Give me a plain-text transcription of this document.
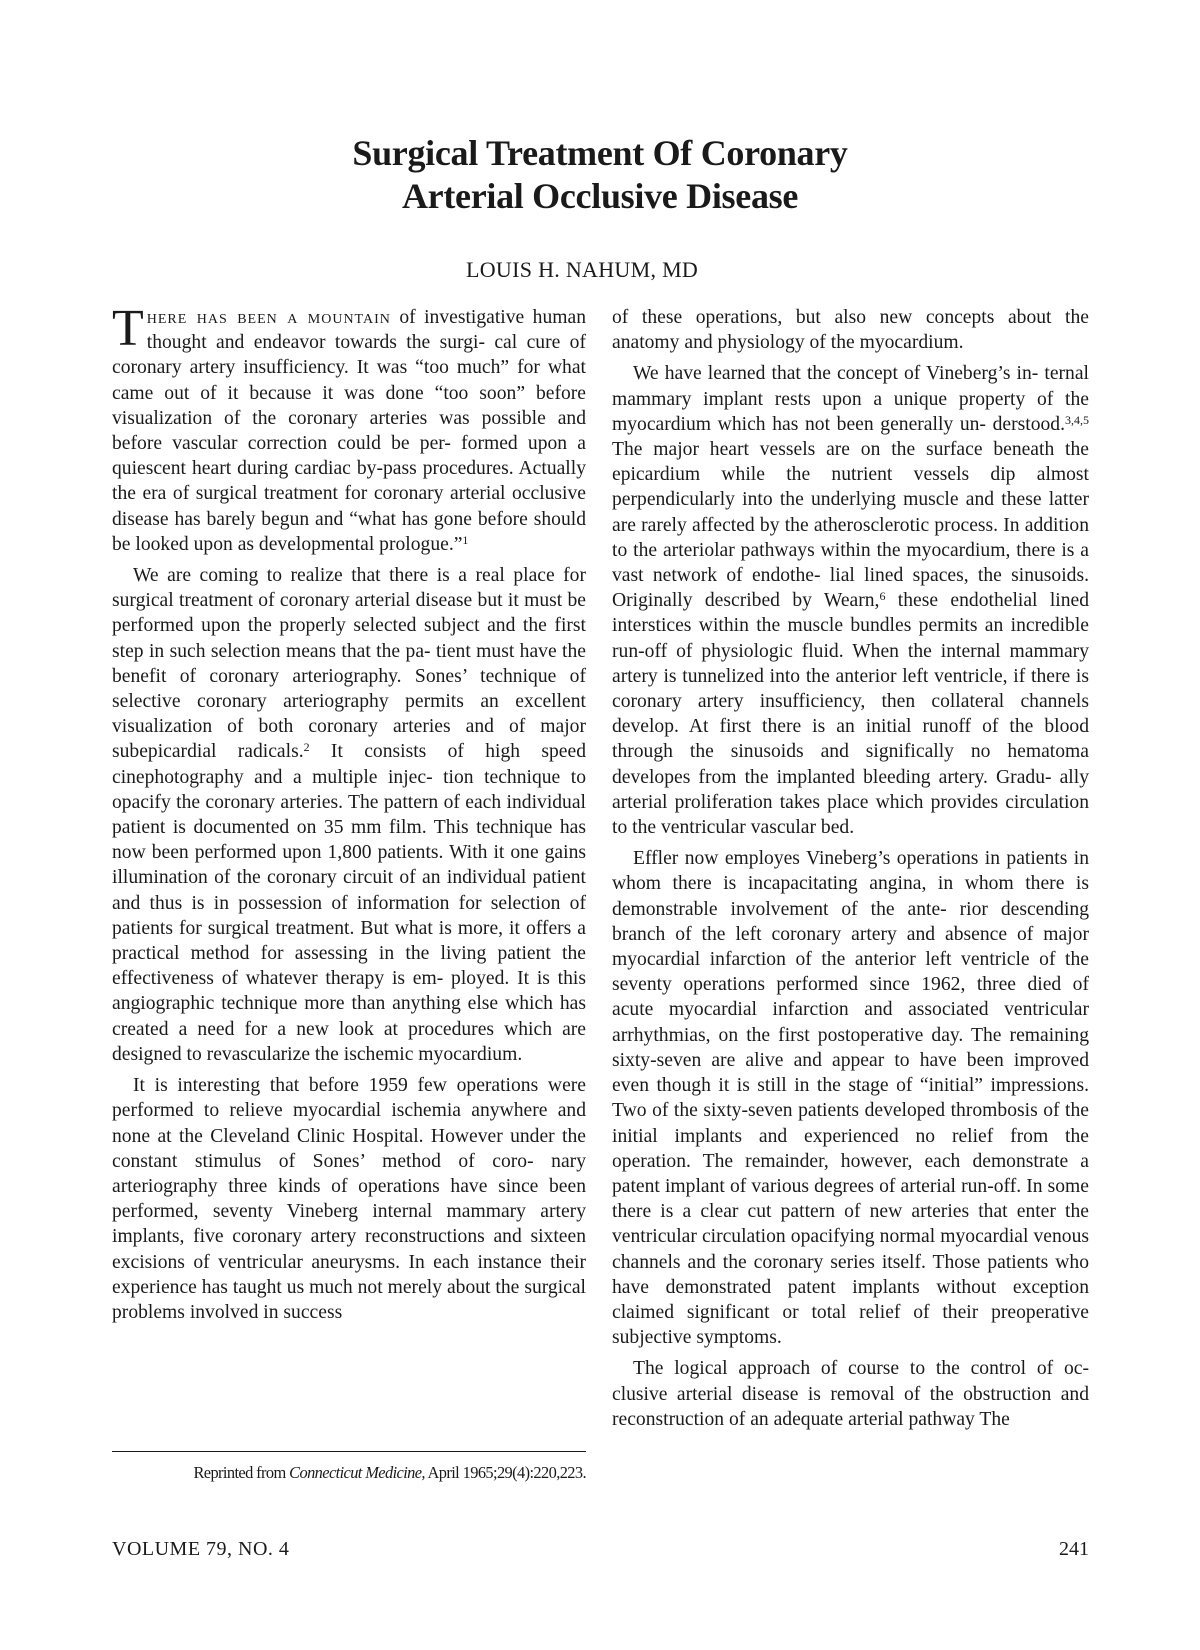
Surgical Treatment Of Coronary
Arterial Occlusive Disease
LOUIS H. NAHUM, MD

There has been a mountain of investigative human thought and endeavor towards the surgi- cal cure of coronary artery insufficiency. It was “too much” for what came out of it because it was done “too soon” before visualization of the coronary arteries was possible and before vascular correction could be per- formed upon a quiescent heart during cardiac by-pass procedures. Actually the era of surgical treatment for coronary arterial occlusive disease has barely begun and “what has gone before should be looked upon as developmental prologue.”$^1$

We are coming to realize that there is a real place for surgical treatment of coronary arterial disease but it must be performed upon the properly selected subject and the first step in such selection means that the pa- tient must have the benefit of coronary arteriography. Sones’ technique of selective coronary arteriography permits an excellent visualization of both coronary arteries and of major subepicardial radicals.$^2$ It consists of high speed cinephotography and a multiple injec- tion technique to opacify the coronary arteries. The pattern of each individual patient is documented on 35 mm film. This technique has now been performed upon 1,800 patients. With it one gains illumination of the coronary circuit of an individual patient and thus is in possession of information for selection of patients for surgical treatment. But what is more, it offers a practical method for assessing in the living patient the effectiveness of whatever therapy is em- ployed. It is this angiographic technique more than anything else which has created a need for a new look at procedures which are designed to revascularize the ischemic myocardium.

It is interesting that before 1959 few operations were performed to relieve myocardial ischemia anywhere and none at the Cleveland Clinic Hospital. However under the constant stimulus of Sones’ method of coro- nary arteriography three kinds of operations have since been performed, seventy Vineberg internal mammary artery implants, five coronary artery reconstructions and sixteen excisions of ventricular aneurysms. In each instance their experience has taught us much not merely about the surgical problems involved in success

of these operations, but also new concepts about the anatomy and physiology of the myocardium.

We have learned that the concept of Vineberg’s in- ternal mammary implant rests upon a unique property of the myocardium which has not been generally un- derstood.$^{3,4,5}$ The major heart vessels are on the surface beneath the epicardium while the nutrient vessels dip almost perpendicularly into the underlying muscle and these latter are rarely affected by the atherosclerotic process. In addition to the arteriolar pathways within the myocardium, there is a vast network of endothe- lial lined spaces, the sinusoids. Originally described by Wearn,$^6$ these endothelial lined interstices within the muscle bundles permits an incredible run-off of physiologic fluid. When the internal mammary artery is tunnelized into the anterior left ventricle, if there is coronary artery insufficiency, then collateral channels develop. At first there is an initial runoff of the blood through the sinusoids and significally no hematoma developes from the implanted bleeding artery. Gradu- ally arterial proliferation takes place which provides circulation to the ventricular vascular bed.

Effler now employes Vineberg’s operations in patients in whom there is incapacitating angina, in whom there is demonstrable involvement of the ante- rior descending branch of the left coronary artery and absence of major myocardial infarction of the anterior left ventricle of the seventy operations performed since 1962, three died of acute myocardial infarction and associated ventricular arrhythmias, on the first postoperative day. The remaining sixty-seven are alive and appear to have been improved even though it is still in the stage of “initial” impressions. Two of the sixty-seven patients developed thrombosis of the initial implants and experienced no relief from the operation. The remainder, however, each demonstrate a patent implant of various degrees of arterial run-off. In some there is a clear cut pattern of new arteries that enter the ventricular circulation opacifying normal myocardial venous channels and the coronary series itself. Those patients who have demonstrated patent implants without exception claimed significant or total relief of their preoperative subjective symptoms.

The logical approach of course to the control of oc- clusive arterial disease is removal of the obstruction and reconstruction of an adequate arterial pathway The

Reprinted from Connecticut Medicine, April 1965;29(4):220,223.
VOLUME 79, NO. 4	241
